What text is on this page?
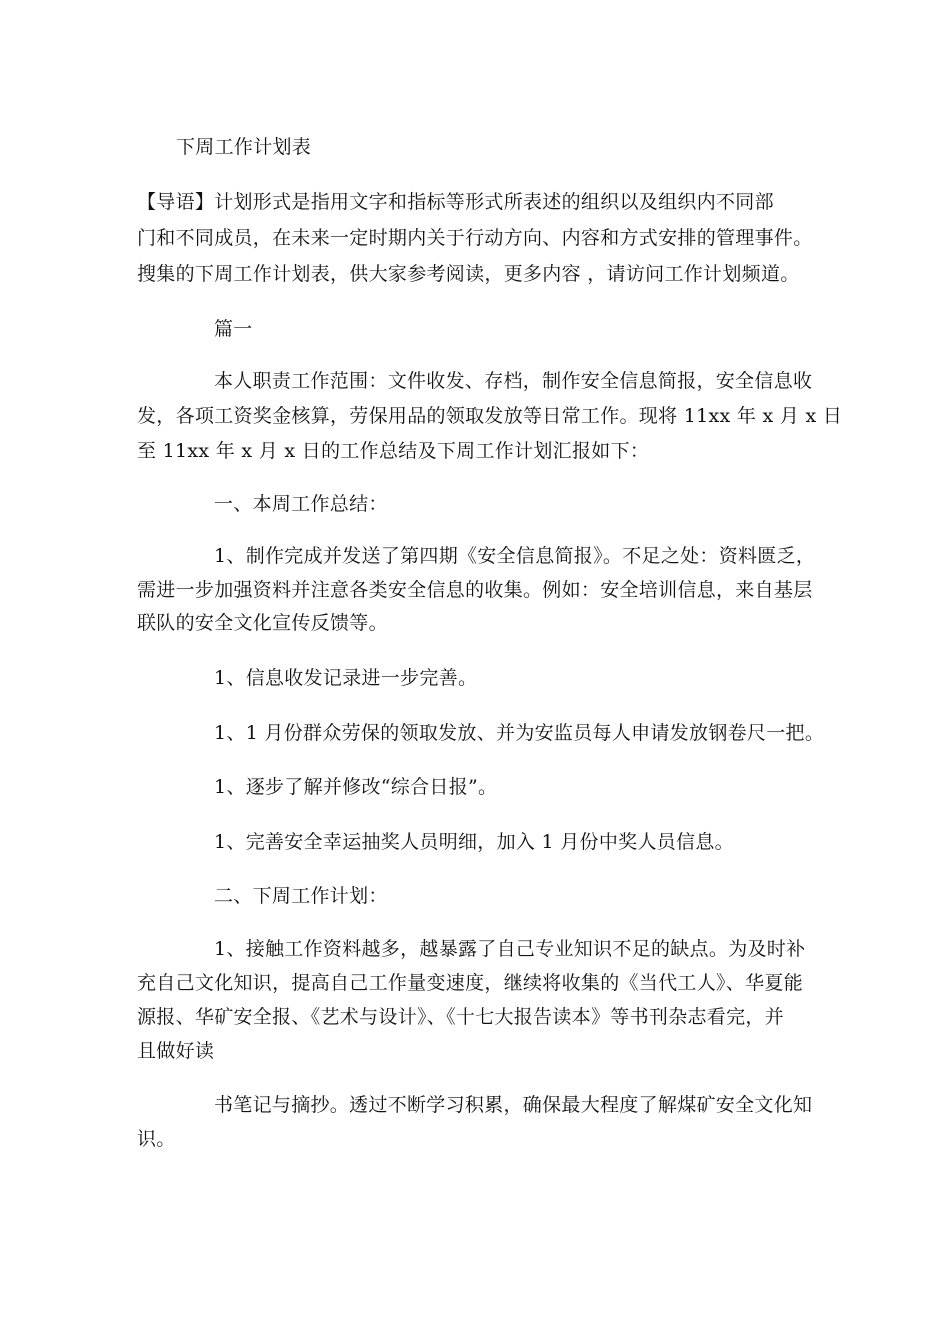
下周工作计划表
【导语】计划形式是指用文字和指标等形式所表述的组织以及组织内不同部
门和不同成员，在未来一定时期内关于行动方向、内容和方式安排的管理事件。
搜集的下周工作计划表，供大家参考阅读，更多内容 ，请访问工作计划频道。
篇一
本人职责工作范围：文件收发、存档，制作安全信息简报，安全信息收
发，各项工资奖金核算，劳保用品的领取发放等日常工作。现将 11xx 年 x 月 x 日
至 11xx 年 x 月 x 日的工作总结及下周工作计划汇报如下：
一、本周工作总结：
1、制作完成并发送了第四期《安全信息简报》。不足之处：资料匮乏，
需进一步加强资料并注意各类安全信息的收集。例如：安全培训信息，来自基层
联队的安全文化宣传反馈等。
1、信息收发记录进一步完善。
1、1 月份群众劳保的领取发放、并为安监员每人申请发放钢卷尺一把。
1、逐步了解并修改“综合日报”。
1、完善安全幸运抽奖人员明细，加入 1 月份中奖人员信息。
二、下周工作计划：
1、接触工作资料越多，越暴露了自己专业知识不足的缺点。为及时补
充自己文化知识，提高自己工作量变速度，继续将收集的《当代工人》、华夏能
源报、华矿安全报、《艺术与设计》、《十七大报告读本》等书刊杂志看完，并
且做好读
书笔记与摘抄。透过不断学习积累，确保最大程度了解煤矿安全文化知
识。
